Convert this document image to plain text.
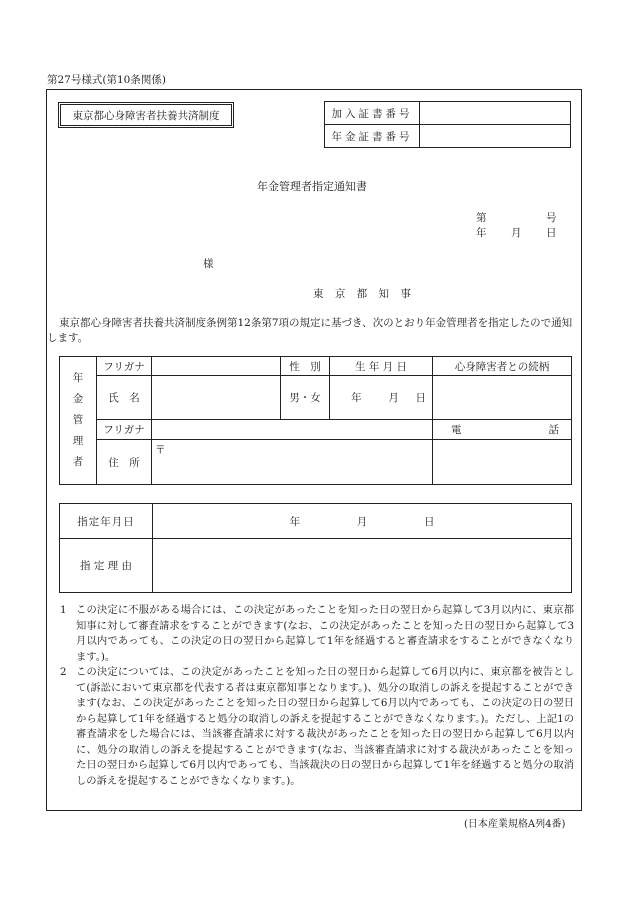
第27号様式(第10条関係)
東京都心身障害者扶養共済制度	加入証書番号	
年金証書番号	
年金管理者指定通知書
第	号
年 月 日
様
東 京 都 知 事
東京都心身障害者扶養共済制度条例第12条第7項の規定に基づき、次のとおり年金管理者を指定したので通知します。
年
金
管
理
者	フリガナ		性　別	生 年 月 日	心身障害者との続柄
	氏　名		男・女	年 月 日	
	フリガナ				電 話

	住　所	〒			
指定年月日	年 月 日
指 定 理 由	
1 この決定に不服がある場合には、この決定があったことを知った日の翌日から起算して3月以内に、東京都知事に対して審査請求をすることができます(なお、この決定があったことを知った日の翌日から起算して3月以内であっても、この決定の日の翌日から起算して1年を経過すると審査請求をすることができなくなります。)。
2 この決定については、この決定があったことを知った日の翌日から起算して6月以内に、東京都を被告として(訴訟において東京都を代表する者は東京都知事となります。)、処分の取消しの訴えを提起することができます(なお、この決定があったことを知った日の翌日から起算して6月以内であっても、この決定の日の翌日から起算して1年を経過すると処分の取消しの訴えを提起することができなくなります。)。ただし、上記1の審査請求をした場合には、当該審査請求に対する裁決があったことを知った日の翌日から起算して6月以内に、処分の取消しの訴えを提起することができます(なお、当該審査請求に対する裁決があったことを知った日の翌日から起算して6月以内であっても、当該裁決の日の翌日から起算して1年を経過すると処分の取消しの訴えを提起することができなくなります。)。
(日本産業規格A列4番)
